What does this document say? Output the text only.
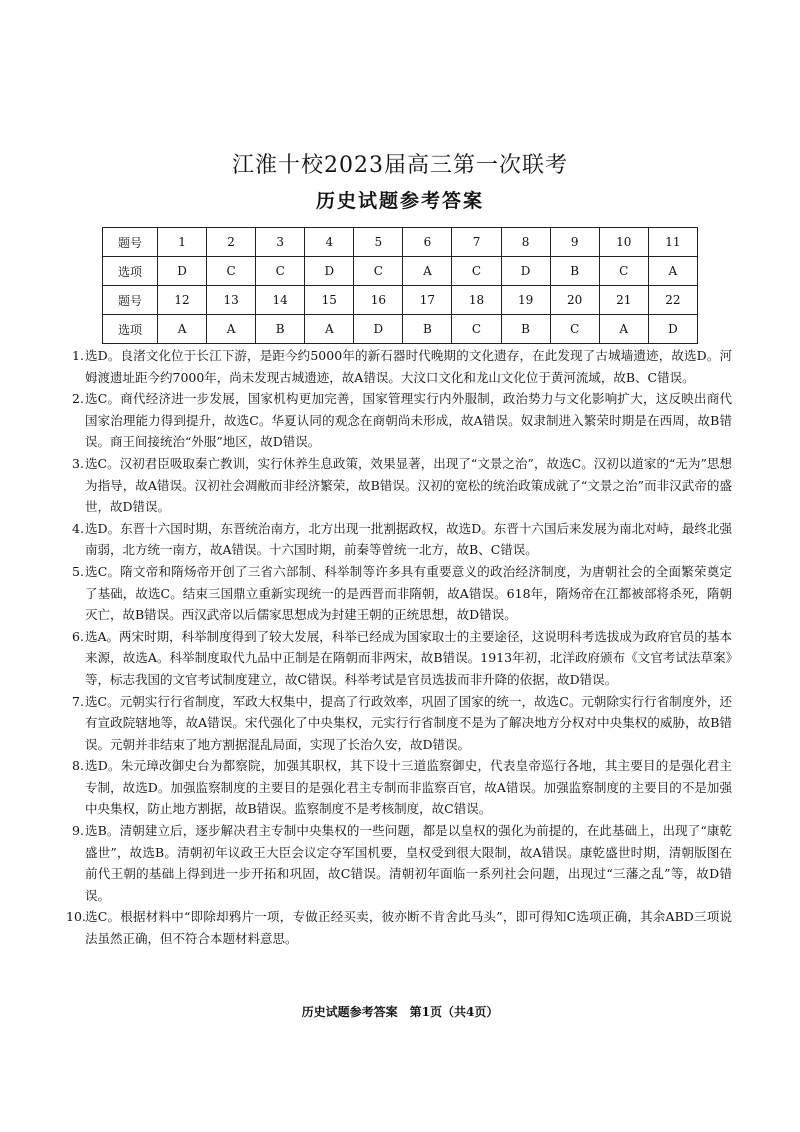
江淮十校2023届高三第一次联考
历史试题参考答案
题号	1	2	3	4	5	6	7	8	9	10	11
选项	D	C	C	D	C	A	C	D	B	C	A
题号	12	13	14	15	16	17	18	19	20	21	22
选项	A	A	B	A	D	B	C	B	C	A	D
1. 选D。良渚文化位于长江下游，是距今约5000年的新石器时代晚期的文化遗存，在此发现了古城墙遗迹，故选D。河姆渡遗址距今约7000年，尚未发现古城遗迹，故A错误。大汶口文化和龙山文化位于黄河流域，故B、C错误。
2. 选C。商代经济进一步发展，国家机构更加完善，国家管理实行内外服制，政治势力与文化影响扩大，这反映出商代国家治理能力得到提升，故选C。华夏认同的观念在商朝尚未形成，故A错误。奴隶制进入繁荣时期是在西周，故B错误。商王间接统治“外服”地区，故D错误。
3. 选C。汉初君臣吸取秦亡教训，实行休养生息政策，效果显著，出现了“文景之治”，故选C。汉初以道家的“无为”思想为指导，故A错误。汉初社会凋敝而非经济繁荣，故B错误。汉初的宽松的统治政策成就了“文景之治”而非汉武帝的盛世，故D错误。
4. 选D。东晋十六国时期，东晋统治南方，北方出现一批割据政权，故选D。东晋十六国后来发展为南北对峙，最终北强南弱，北方统一南方，故A错误。十六国时期，前秦等曾统一北方，故B、C错误。
5. 选C。隋文帝和隋炀帝开创了三省六部制、科举制等许多具有重要意义的政治经济制度，为唐朝社会的全面繁荣奠定了基础，故选C。结束三国鼎立重新实现统一的是西晋而非隋朝，故A错误。618年，隋炀帝在江都被部将杀死，隋朝灭亡，故B错误。西汉武帝以后儒家思想成为封建王朝的正统思想，故D错误。
6. 选A。两宋时期，科举制度得到了较大发展，科举已经成为国家取士的主要途径，这说明科考选拔成为政府官员的基本来源，故选A。科举制度取代九品中正制是在隋朝而非两宋，故B错误。1913年初，北洋政府颁布《文官考试法草案》等，标志我国的文官考试制度建立，故C错误。科举考试是官员选拔而非升降的依据，故D错误。
7. 选C。元朝实行行省制度，军政大权集中，提高了行政效率，巩固了国家的统一，故选C。元朝除实行行省制度外，还有宣政院辖地等，故A错误。宋代强化了中央集权，元实行行省制度不是为了解决地方分权对中央集权的威胁，故B错误。元朝并非结束了地方割据混乱局面，实现了长治久安，故D错误。
8. 选D。朱元璋改御史台为都察院，加强其职权，其下设十三道监察御史，代表皇帝巡行各地，其主要目的是强化君主专制，故选D。加强监察制度的主要目的是强化君主专制而非监察百官，故A错误。加强监察制度的主要目的不是加强中央集权，防止地方割据，故B错误。监察制度不是考核制度，故C错误。
9. 选B。清朝建立后，逐步解决君主专制中央集权的一些问题，都是以皇权的强化为前提的，在此基础上，出现了“康乾盛世”，故选B。清朝初年议政王大臣会议定夺军国机要，皇权受到很大限制，故A错误。康乾盛世时期，清朝版图在前代王朝的基础上得到进一步开拓和巩固，故C错误。清朝初年面临一系列社会问题，出现过“三藩之乱”等，故D错误。
10. 选C。根据材料中“即除却鸦片一项，专做正经买卖，彼亦断不肯舍此马头”，即可得知C选项正确，其余ABD三项说法虽然正确，但不符合本题材料意思。
历史试题参考答案　第1页（共4页）
